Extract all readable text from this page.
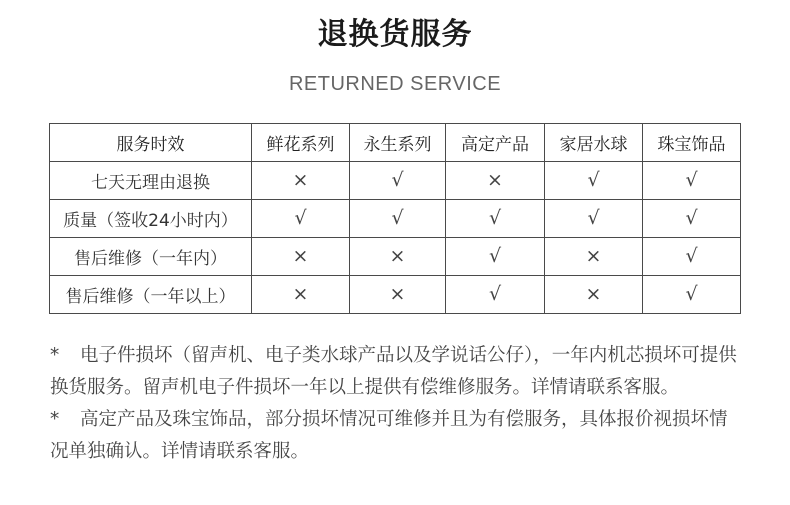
退换货服务
RETURNED SERVICE
服务时效	鲜花系列	永生系列	高定产品	家居水球	珠宝饰品
七天无理由退换	×	√	×	√	√
质量（签收24小时内）	√	√	√	√	√
售后维修（一年内）	×	×	√	×	√
售后维修（一年以上）	×	×	√	×	√

* 电子件损坏（留声机、电子类水球产品以及学说话公仔），一年内机芯损坏可提供换货服务。留声机电子件损坏一年以上提供有偿维修服务。详情请联系客服。

* 高定产品及珠宝饰品，部分损坏情况可维修并且为有偿服务，具体报价视损坏情况单独确认。详情请联系客服。
